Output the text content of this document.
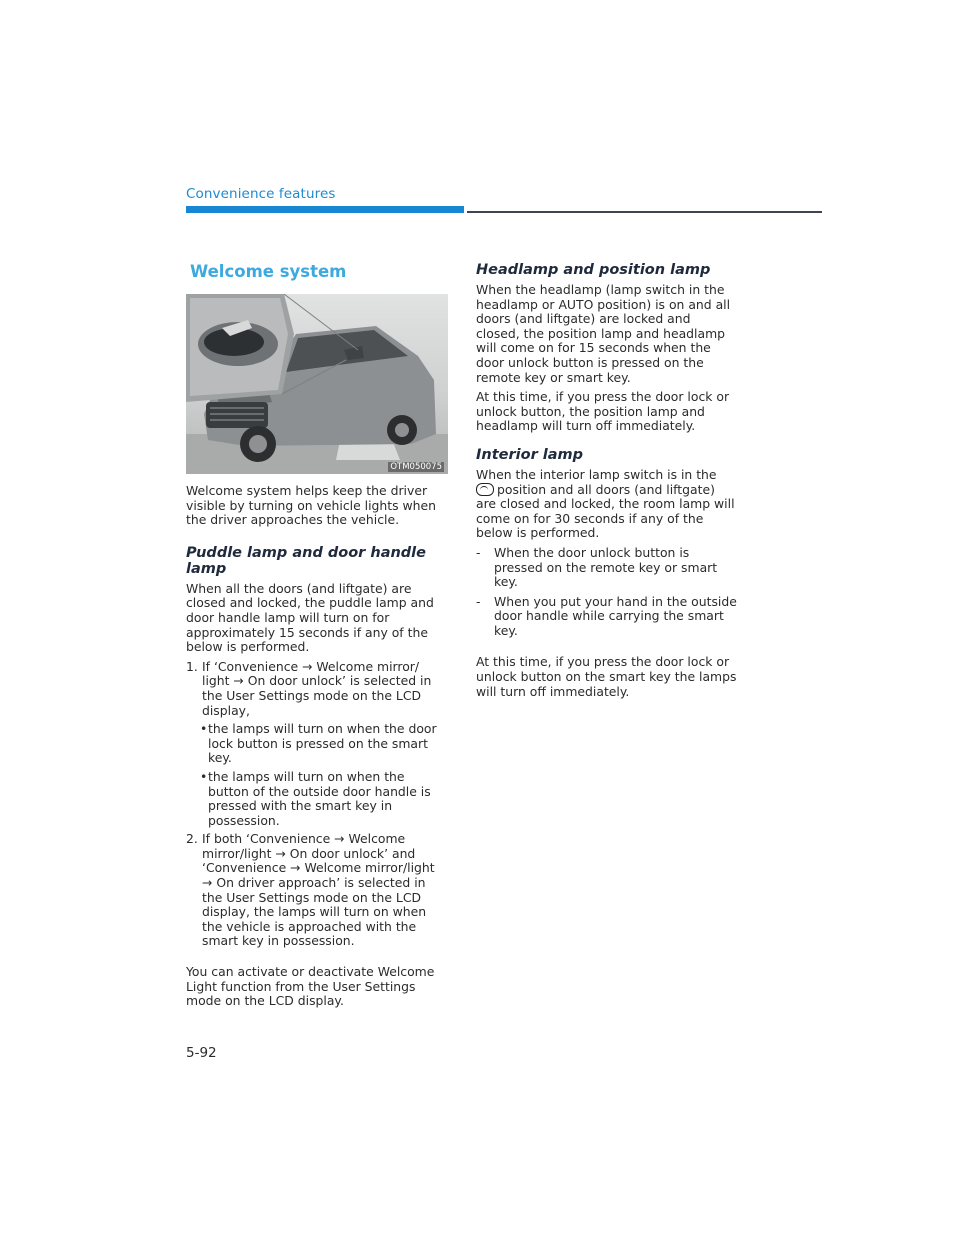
Convenience features
Welcome system
OTM050075

Welcome system helps keep the driver visible by turning on vehicle lights when the driver approaches the vehicle.

Puddle lamp and door handle lamp

When all the doors (and liftgate) are closed and locked, the puddle lamp and door handle lamp will turn on for approximately 15 seconds if any of the below is performed.

1. If ‘Convenience → Welcome mirror/ light → On door unlock’ is selected in the User Settings mode on the LCD display,
• the lamps will turn on when the door lock button is pressed on the smart key.
• the lamps will turn on when the button of the outside door handle is pressed with the smart key in possession.
2. If both ‘Convenience → Welcome mirror/light → On door unlock’ and ‘Convenience → Welcome mirror/light → On driver approach’ is selected in the User Settings mode on the LCD display, the lamps will turn on when the vehicle is approached with the smart key in possession.

You can activate or deactivate Welcome Light function from the User Settings mode on the LCD display.

Headlamp and position lamp

When the headlamp (lamp switch in the headlamp or AUTO position) is on and all doors (and liftgate) are locked and closed, the position lamp and headlamp will come on for 15 seconds when the door unlock button is pressed on the remote key or smart key.

At this time, if you press the door lock or unlock button, the position lamp and headlamp will turn off immediately.

Interior lamp

When the interior lamp switch is in the
position and all doors (and liftgate) are closed and locked, the room lamp will come on for 30 seconds if any of the below is performed.

-	When the door unlock button is pressed on the remote key or smart key.
-	When you put your hand in the outside door handle while carrying the smart key.

At this time, if you press the door lock or unlock button on the smart key the lamps will turn off immediately.

5-92
